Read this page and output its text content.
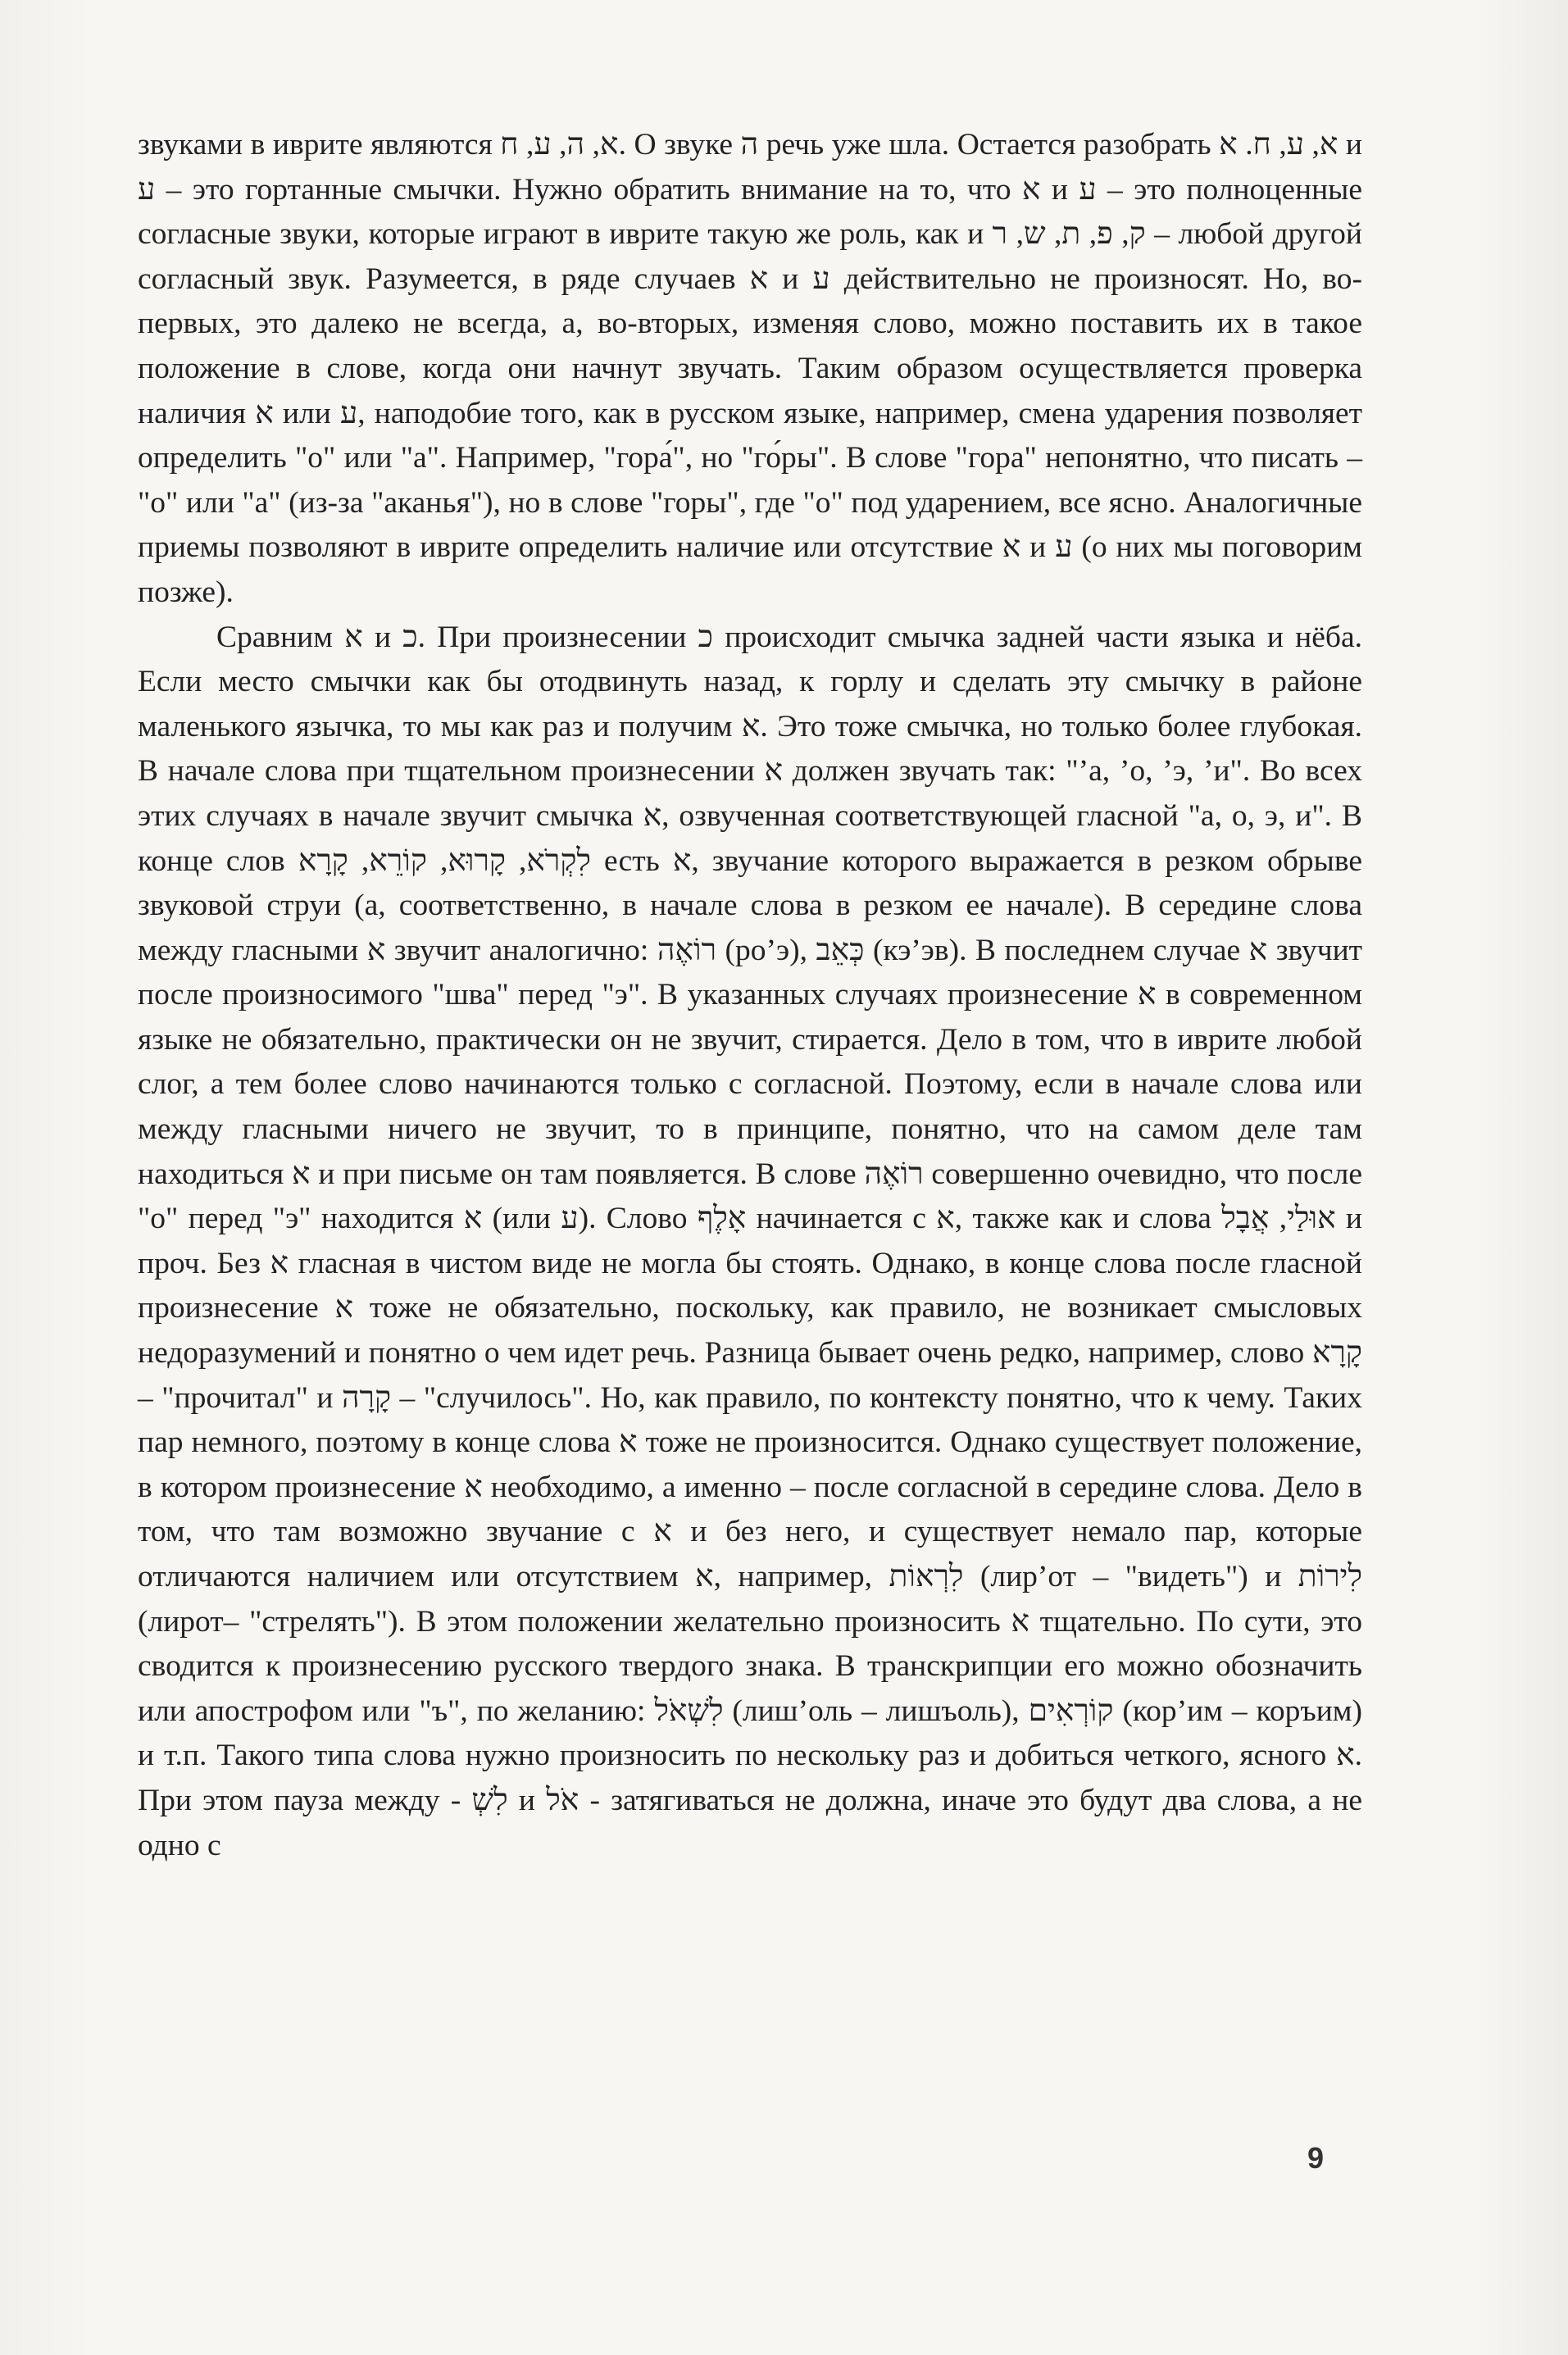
звуками в иврите являются א, ה, ע, ח. О звуке ה речь уже шла. Остается разобрать א, ע, ח. א и ע – это гортанные смычки. Нужно обратить внимание на то, что א и ע – это полноценные согласные звуки, которые играют в иврите такую же роль, как и ק, פ, ת, ש, ר – любой другой согласный звук. Разумеется, в ряде случаев א и ע действительно не произносят. Но, во-первых, это далеко не всегда, а, во-вторых, изменяя слово, можно поставить их в такое положение в слове, когда они начнут звучать. Таким образом осуществляется проверка наличия א или ע, наподобие того, как в русском языке, например, смена ударения позволяет определить "о" или "а". Например, "гора́", но "го́ры". В слове "гора" непонятно, что писать – "о" или "а" (из-за "аканья"), но в слове "горы", где "о" под ударением, все ясно. Аналогичные приемы позволяют в иврите определить наличие или отсутствие א и ע (о них мы поговорим позже).

Сравним א и כ. При произнесении כ происходит смычка задней части языка и нёба. Если место смычки как бы отодвинуть назад, к горлу и сделать эту смычку в районе маленького язычка, то мы как раз и получим א. Это тоже смычка, но только более глубокая. В начале слова при тщательном произнесении א должен звучать так: "ʼа, ʼо, ʼэ, ʼи". Во всех этих случаях в начале звучит смычка א, озвученная соответствующей гласной "а, о, э, и". В конце слов לִקְרֹא, קָרוּא, קוֹרֵא, קָרָא есть א, звучание которого выражается в резком обрыве звуковой струи (а, соответственно, в начале слова в резком ее начале). В середине слова между гласными א звучит аналогично: רוֹאֶה (роʼэ), כְּאֵב (кэʼэв). В последнем случае א звучит после произносимого "шва" перед "э". В указанных случаях произнесение א в современном языке не обязательно, практически он не звучит, стирается. Дело в том, что в иврите любой слог, а тем более слово начинаются только с согласной. Поэтому, если в начале слова или между гласными ничего не звучит, то в принципе, понятно, что на самом деле там находиться א и при письме он там появляется. В слове רוֹאֶה совершенно очевидно, что после "о" перед "э" находится א (или ע). Слово אָלֶף начинается с א, также как и слова אוּלַי, אֲבָל и проч. Без א гласная в чистом виде не могла бы стоять. Однако, в конце слова после гласной произнесение א тоже не обязательно, поскольку, как правило, не возникает смысловых недоразумений и понятно о чем идет речь. Разница бывает очень редко, например, слово קָרָא – "прочитал" и קָרָה – "случилось". Но, как правило, по контексту понятно, что к чему. Таких пар немного, поэтому в конце слова א тоже не произносится. Однако существует положение, в котором произнесение א необходимо, а именно – после согласной в середине слова. Дело в том, что там возможно звучание с א и без него, и существует немало пар, которые отличаются наличием или отсутствием א, например, לִרְאוֹת (лирʼот – "видеть") и לִירוֹת (лирот– "стрелять"). В этом положении желательно произносить א тщательно. По сути, это сводится к произнесению русского твердого знака. В транскрипции его можно обозначить или апострофом или "ъ", по желанию: לִשְׁאֹל (лишʼоль – лишъоль), קוֹרְאִים (корʼим – коръим) и т.п. Такого типа слова нужно произносить по нескольку раз и добиться четкого, ясного א. При этом пауза между - לִשְׁ и אֹל - затягиваться не должна, иначе это будут два слова, а не одно с

9
